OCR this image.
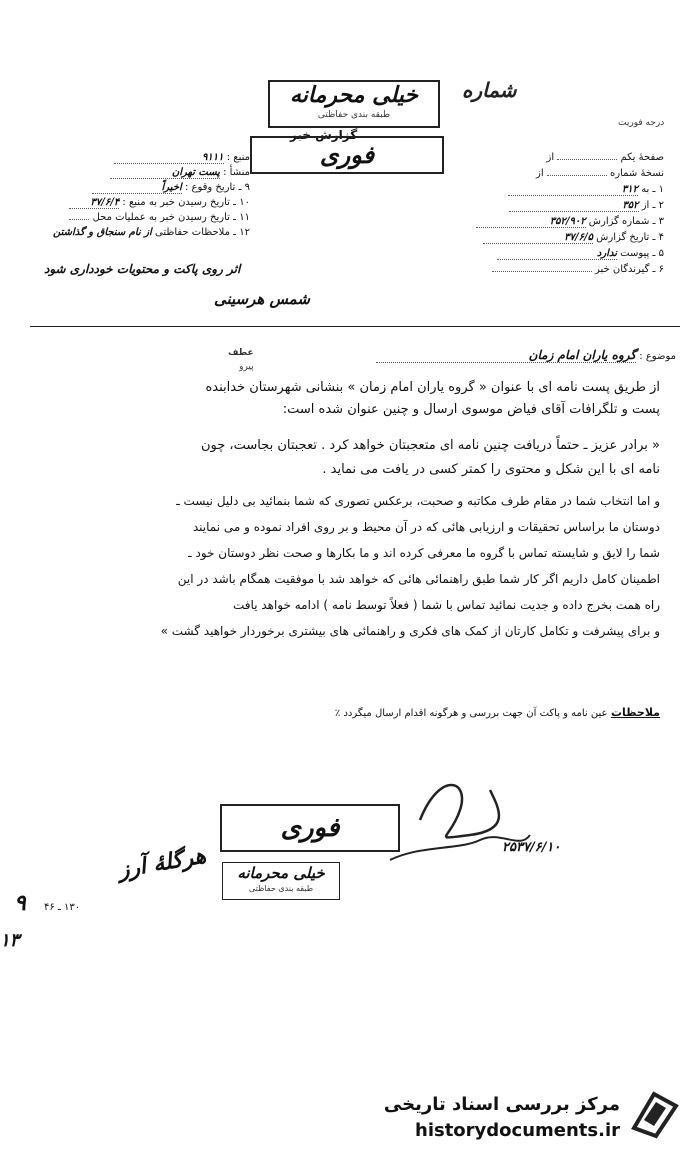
خیلی محرمانه
طبقه بندی حفاظتی
گزارش خبر
فوری
شماره
درجه فوریت
منبع : ۹۱۱۱
منشأ : پست تهران
۹ ـ تاریخ وقوع : اخیراً
۱۰ ـ تاریخ رسیدن خبر به منبع : ۳۷/۶/۴
۱۱ ـ تاریخ رسیدن خبر به عملیات محل
۱۲ ـ ملاحظات حفاظتی از نام سنجاق و گذاشتن
اثر روی پاکت و محتویات خودداری شود
شمس هرسینی
صفحهٔ یکم  از
نسخهٔ شماره  از
۱ ـ به ۳۱۲
۲ ـ از ۳۵۲
۳ ـ شماره گزارش ۳۵۲/۹۰۲
۴ ـ تاریخ گزارش ۳۷/۶/۵
۵ ـ پیوست ندارد
۶ ـ گیرندگان خبر
موضوع : گروه یاران امام زمان
عطف
پیرو
از طریق پست نامه ای با عنوان « گروه یاران امام زمان » بنشانی شهرستان خدابنده
پست و تلگرافات آقای فیاض موسوی ارسال و چنین عنوان شده است:
« برادر عزیز ـ حتماً دریافت چنین نامه ای متعجبتان خواهد کرد . تعجبتان بجاست، چون
نامه ای با این شکل و محتوی را کمتر کسی در یافت می نماید .
و اما انتخاب شما در مقام طرف مکاتبه و صحبت، برعکس تصوری که شما بنمائید بی دلیل نیست ـ
دوستان ما براساس تحقیقات و ارزیابی هائی که در آن محیط و بر روی افراد نموده و می نمایند
شما را لایق و شایسته تماس با گروه ما معرفی کرده اند و ما بکارها و صحت نظر دوستان خود ـ
اطمینان کامل داریم اگر کار شما طبق راهنمائی هائی که خواهد شد با موفقیت همگام باشد در این
راه همت بخرج داده و جدیت نمائید تماس با شما ( فعلاً توسط نامه ) ادامه خواهد یافت
و برای پیشرفت و تکامل کارتان از کمک های فکری و راهنمائی های بیشتری برخوردار خواهید گشت »
ملاحظات عین نامه و پاکت آن جهت بررسی و هرگونه اقدام ارسال میگردد ٪
فوری
خیلی محرمانه
طبقه بندی حفاظتی
۲۵۳۷/۶/۱۰
هرگلهٔ آرز
۹
۱۳
۱۳۰ ـ ۴۶
مرکز بررسی اسناد تاریخی
historydocuments.ir
